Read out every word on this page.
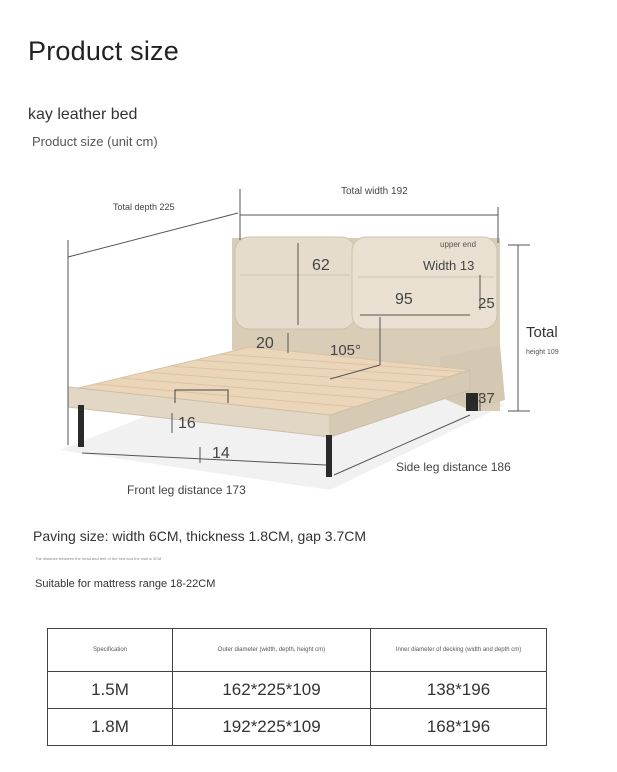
Product size
kay leather bed
Product size (unit cm)
Total depth 225
Total width 192
upper end
Width 13
62
95	25
20	105°
Total
height 109
37
16
14
Side leg distance 186
Front leg distance 173
Paving size: width 6CM, thickness 1.8CM, gap 3.7CM
The distance between the head and feet of the bed and the wall is 3CM
Suitable for mattress range 18-22CM
Specification	Outer diameter (width, depth, height cm)	Inner diameter of decking (width and depth cm)
1.5M	162*225*109	138*196
1.8M	192*225*109	168*196
